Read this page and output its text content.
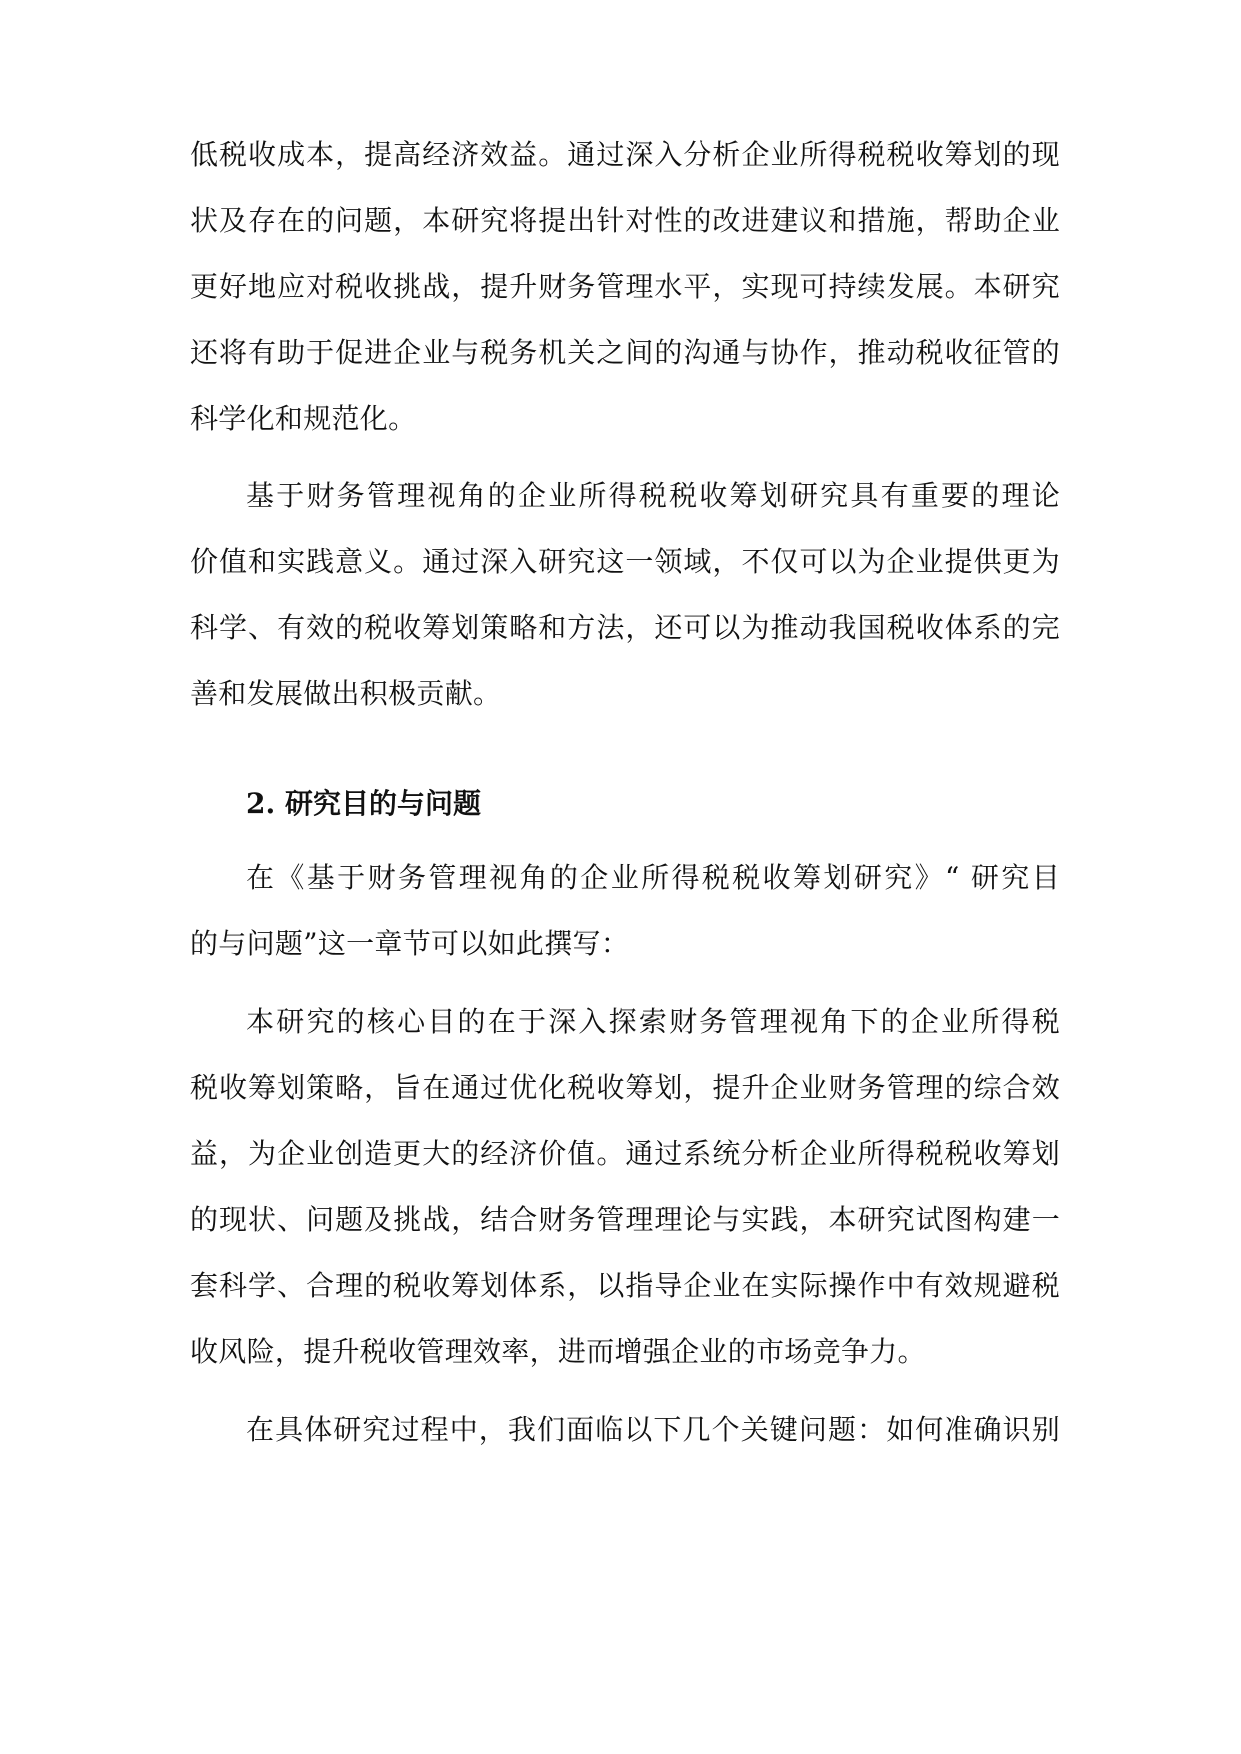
低税收成本，提高经济效益。通过深入分析企业所得税税收筹划的现
状及存在的问题，本研究将提出针对性的改进建议和措施，帮助企业
更好地应对税收挑战，提升财务管理水平，实现可持续发展。本研究
还将有助于促进企业与税务机关之间的沟通与协作，推动税收征管的
科学化和规范化。
基于财务管理视角的企业所得税税收筹划研究具有重要的理论
价值和实践意义。通过深入研究这一领域，不仅可以为企业提供更为
科学、有效的税收筹划策略和方法，还可以为推动我国税收体系的完
善和发展做出积极贡献。
2. 研究目的与问题
在《基于财务管理视角的企业所得税税收筹划研究》“ 研究目
的与问题”这一章节可以如此撰写：
本研究的核心目的在于深入探索财务管理视角下的企业所得税
税收筹划策略，旨在通过优化税收筹划，提升企业财务管理的综合效
益，为企业创造更大的经济价值。通过系统分析企业所得税税收筹划
的现状、问题及挑战，结合财务管理理论与实践，本研究试图构建一
套科学、合理的税收筹划体系，以指导企业在实际操作中有效规避税
收风险，提升税收管理效率，进而增强企业的市场竞争力。
在具体研究过程中，我们面临以下几个关键问题：如何准确识别
